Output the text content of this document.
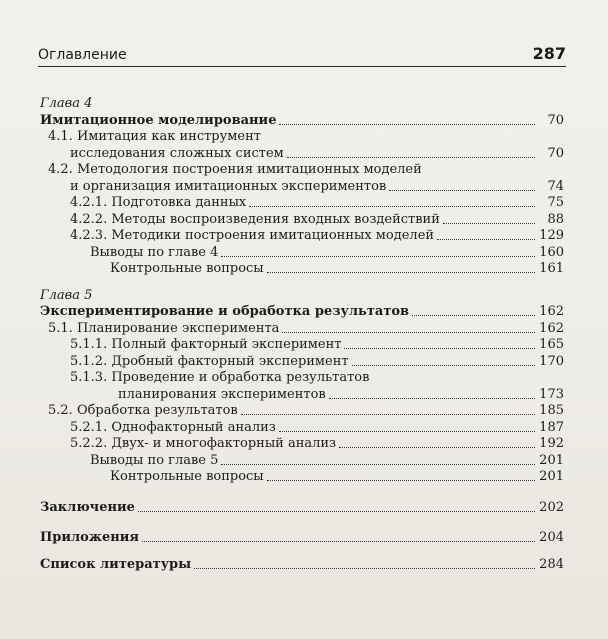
Оглавление	287
Глава 4
Имитационное моделирование	70
4.1. Имитация как инструмент
исследования сложных систем	70
4.2. Методология построения имитационных моделей
и организация имитационных экспериментов	74
4.2.1. Подготовка данных	75
4.2.2. Методы воспроизведения входных воздействий	88
4.2.3. Методики построения имитационных моделей	129
Выводы по главе 4	160
Контрольные вопросы	161
Глава 5
Экспериментирование и обработка результатов	162
5.1. Планирование эксперимента	162
5.1.1. Полный факторный эксперимент	165
5.1.2. Дробный факторный эксперимент	170
5.1.3. Проведение и обработка результатов
планирования экспериментов	173
5.2. Обработка результатов	185
5.2.1. Однофакторный анализ	187
5.2.2. Двух- и многофакторный анализ	192
Выводы по главе 5	201
Контрольные вопросы	201
Заключение	202
Приложения	204
Список литературы	284
